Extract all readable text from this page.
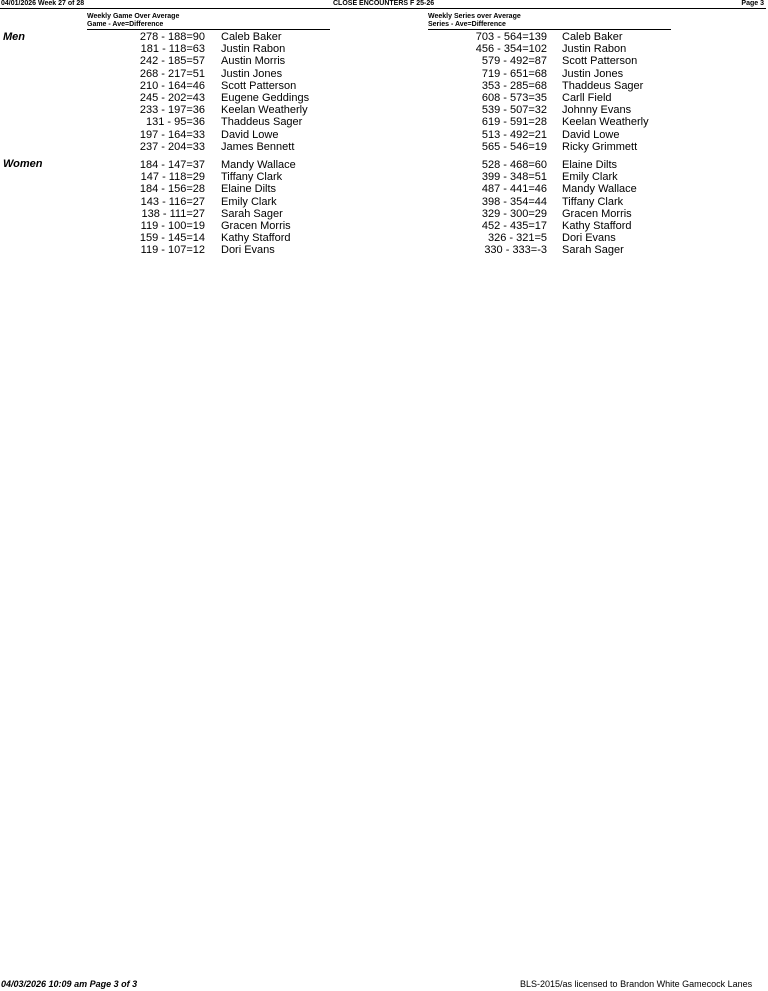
04/01/2026 Week 27 of 28	CLOSE ENCOUNTERS F 25-26	Page 3
Weekly Game Over Average
Game - Ave=Difference
Weekly Series over Average
Series - Ave=Difference
Men
Women
278 - 188=90 Caleb Baker
181 - 118=63 Justin Rabon
242 - 185=57 Austin Morris
268 - 217=51 Justin Jones
210 - 164=46 Scott Patterson
245 - 202=43 Eugene Geddings
233 - 197=36 Keelan Weatherly
131 - 95=36 Thaddeus Sager
197 - 164=33 David Lowe
237 - 204=33 James Bennett
703 - 564=139 Caleb Baker
456 - 354=102 Justin Rabon
579 - 492=87 Scott Patterson
719 - 651=68 Justin Jones
353 - 285=68 Thaddeus Sager
608 - 573=35 Carll Field
539 - 507=32 Johnny Evans
619 - 591=28 Keelan Weatherly
513 - 492=21 David Lowe
565 - 546=19 Ricky Grimmett
184 - 147=37 Mandy Wallace
147 - 118=29 Tiffany Clark
184 - 156=28 Elaine Dilts
143 - 116=27 Emily Clark
138 - 111=27 Sarah Sager
119 - 100=19 Gracen Morris
159 - 145=14 Kathy Stafford
119 - 107=12 Dori Evans
528 - 468=60 Elaine Dilts
399 - 348=51 Emily Clark
487 - 441=46 Mandy Wallace
398 - 354=44 Tiffany Clark
329 - 300=29 Gracen Morris
452 - 435=17 Kathy Stafford
326 - 321=5 Dori Evans
330 - 333=-3 Sarah Sager
04/03/2026 10:09 am Page 3 of 3	BLS-2015/as licensed to Brandon White Gamecock Lanes
